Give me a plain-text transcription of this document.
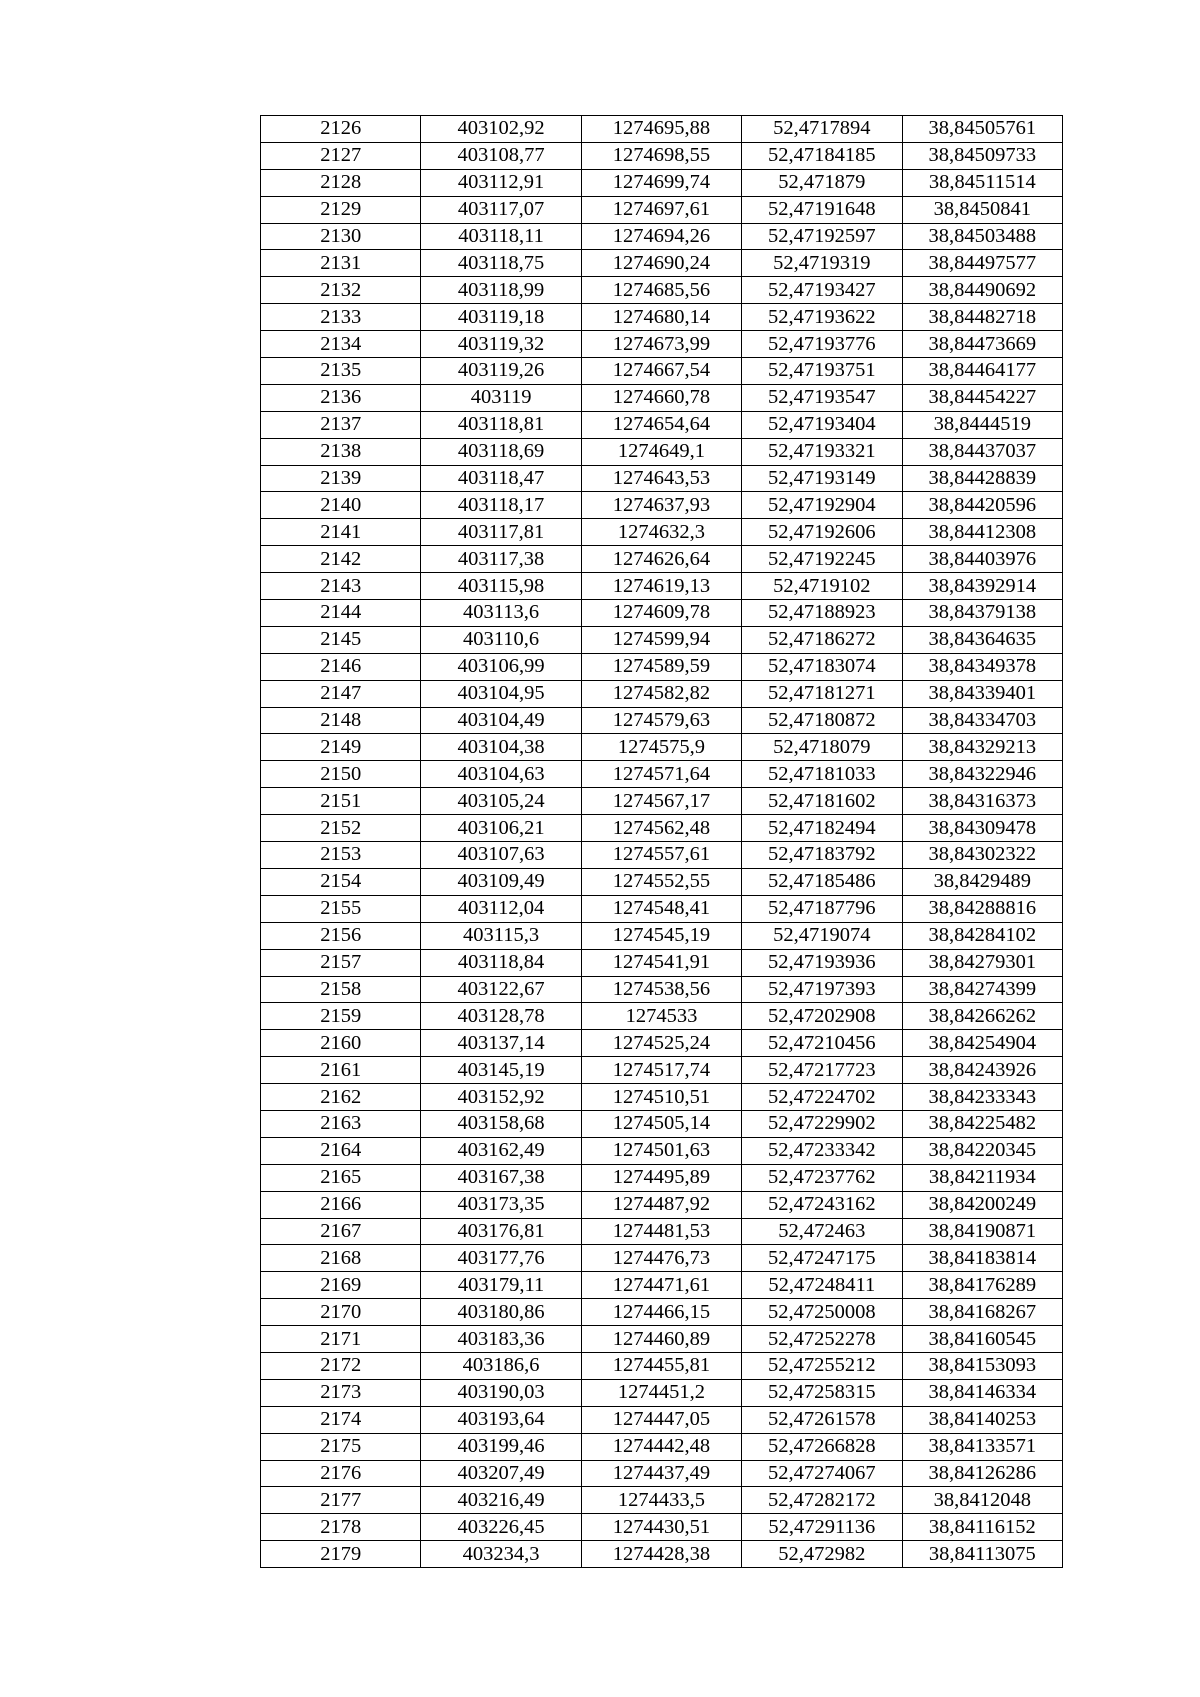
2126	403102,92	1274695,88	52,4717894	38,84505761
2127	403108,77	1274698,55	52,47184185	38,84509733
2128	403112,91	1274699,74	52,471879	38,84511514
2129	403117,07	1274697,61	52,47191648	38,8450841
2130	403118,11	1274694,26	52,47192597	38,84503488
2131	403118,75	1274690,24	52,4719319	38,84497577
2132	403118,99	1274685,56	52,47193427	38,84490692
2133	403119,18	1274680,14	52,47193622	38,84482718
2134	403119,32	1274673,99	52,47193776	38,84473669
2135	403119,26	1274667,54	52,47193751	38,84464177
2136	403119	1274660,78	52,47193547	38,84454227
2137	403118,81	1274654,64	52,47193404	38,8444519
2138	403118,69	1274649,1	52,47193321	38,84437037
2139	403118,47	1274643,53	52,47193149	38,84428839
2140	403118,17	1274637,93	52,47192904	38,84420596
2141	403117,81	1274632,3	52,47192606	38,84412308
2142	403117,38	1274626,64	52,47192245	38,84403976
2143	403115,98	1274619,13	52,4719102	38,84392914
2144	403113,6	1274609,78	52,47188923	38,84379138
2145	403110,6	1274599,94	52,47186272	38,84364635
2146	403106,99	1274589,59	52,47183074	38,84349378
2147	403104,95	1274582,82	52,47181271	38,84339401
2148	403104,49	1274579,63	52,47180872	38,84334703
2149	403104,38	1274575,9	52,4718079	38,84329213
2150	403104,63	1274571,64	52,47181033	38,84322946
2151	403105,24	1274567,17	52,47181602	38,84316373
2152	403106,21	1274562,48	52,47182494	38,84309478
2153	403107,63	1274557,61	52,47183792	38,84302322
2154	403109,49	1274552,55	52,47185486	38,8429489
2155	403112,04	1274548,41	52,47187796	38,84288816
2156	403115,3	1274545,19	52,4719074	38,84284102
2157	403118,84	1274541,91	52,47193936	38,84279301
2158	403122,67	1274538,56	52,47197393	38,84274399
2159	403128,78	1274533	52,47202908	38,84266262
2160	403137,14	1274525,24	52,47210456	38,84254904
2161	403145,19	1274517,74	52,47217723	38,84243926
2162	403152,92	1274510,51	52,47224702	38,84233343
2163	403158,68	1274505,14	52,47229902	38,84225482
2164	403162,49	1274501,63	52,47233342	38,84220345
2165	403167,38	1274495,89	52,47237762	38,84211934
2166	403173,35	1274487,92	52,47243162	38,84200249
2167	403176,81	1274481,53	52,472463	38,84190871
2168	403177,76	1274476,73	52,47247175	38,84183814
2169	403179,11	1274471,61	52,47248411	38,84176289
2170	403180,86	1274466,15	52,47250008	38,84168267
2171	403183,36	1274460,89	52,47252278	38,84160545
2172	403186,6	1274455,81	52,47255212	38,84153093
2173	403190,03	1274451,2	52,47258315	38,84146334
2174	403193,64	1274447,05	52,47261578	38,84140253
2175	403199,46	1274442,48	52,47266828	38,84133571
2176	403207,49	1274437,49	52,47274067	38,84126286
2177	403216,49	1274433,5	52,47282172	38,8412048
2178	403226,45	1274430,51	52,47291136	38,84116152
2179	403234,3	1274428,38	52,472982	38,84113075
